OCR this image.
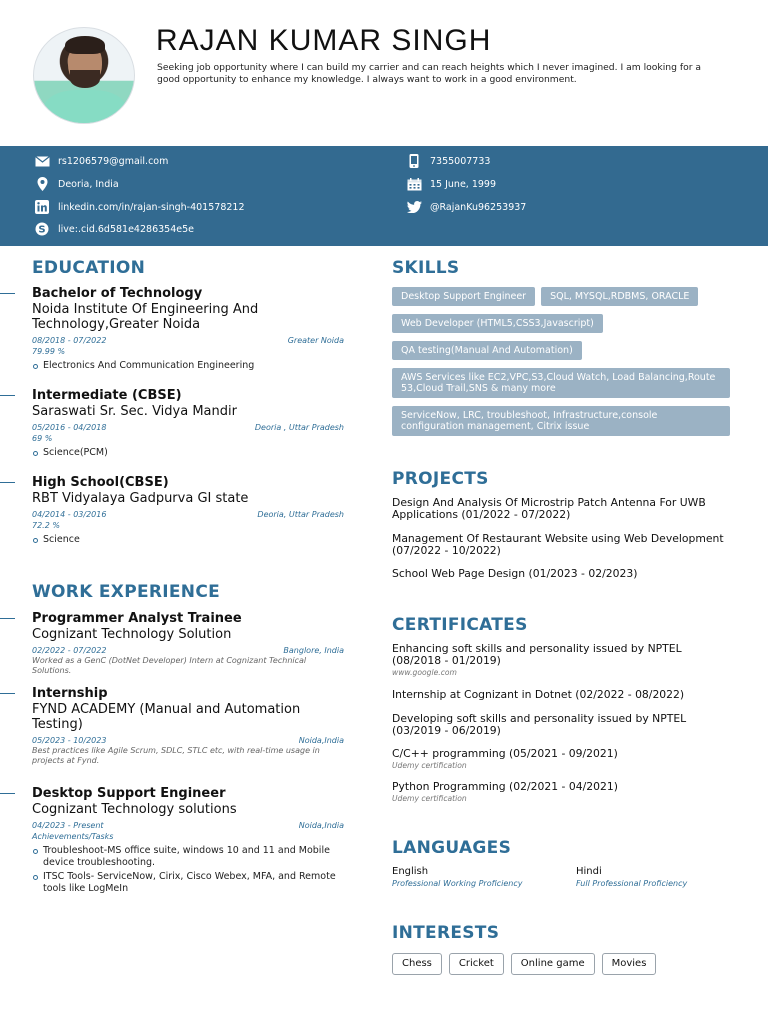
RAJAN KUMAR SINGH
Seeking job opportunity where I can build my carrier and can reach heights which I never imagined. I am looking for a good opportunity to enhance my knowledge. I always want to work in a good environment.
rs1206579@gmail.com
Deoria, India
linkedin.com/in/rajan-singh-401578212
S live:.cid.6d581e4286354e5e
7355007733
15 June, 1999
@RajanKu96253937
EDUCATION
Bachelor of Technology
Noida Institute Of Engineering And Technology,Greater Noida
08/2018 - 07/2022	Greater Noida
79.99 %
Electronics And Communication Engineering
Intermediate (CBSE)
Saraswati Sr. Sec. Vidya Mandir
05/2016 - 04/2018	Deoria , Uttar Pradesh
69 %
Science(PCM)
High School(CBSE)
RBT Vidyalaya Gadpurva GI state
04/2014 - 03/2016	Deoria, Uttar Pradesh
72.2 %
Science
WORK EXPERIENCE
Programmer Analyst Trainee
Cognizant Technology Solution
02/2022 - 07/2022	Banglore, India
Worked as a GenC (DotNet Developer) Intern at Cognizant Technical Solutions.
Internship
FYND ACADEMY (Manual and Automation Testing)
05/2023 - 10/2023	Noida,India
Best practices like Agile Scrum, SDLC, STLC etc, with real-time usage in projects at Fynd.
Desktop Support Engineer
Cognizant Technology solutions
04/2023 - Present	Noida,India
Achievements/Tasks
Troubleshoot-MS office suite, windows 10 and 11 and Mobile device troubleshooting.
ITSC Tools- ServiceNow, Cirix, Cisco Webex, MFA, and Remote tools like LogMeIn
SKILLS
Desktop Support Engineer	SQL, MYSQL,RDBMS, ORACLE
Web Developer (HTML5,CSS3,Javascript)
QA testing(Manual And Automation)
AWS Services like EC2,VPC,S3,Cloud Watch, Load Balancing,Route 53,Cloud Trail,SNS & many more
ServiceNow, LRC, troubleshoot, Infrastructure,console configuration management, Citrix issue
PROJECTS
Design And Analysis Of Microstrip Patch Antenna For UWB Applications (01/2022 - 07/2022)
Management Of Restaurant Website using Web Development (07/2022 - 10/2022)
School Web Page Design (01/2023 - 02/2023)
CERTIFICATES
Enhancing soft skills and personality issued by NPTEL (08/2018 - 01/2019)
www.google.com
Internship at Cognizant in Dotnet (02/2022 - 08/2022)
Developing soft skills and personality issued by NPTEL (03/2019 - 06/2019)
C/C++ programming (05/2021 - 09/2021)
Udemy certification
Python Programming (02/2021 - 04/2021)
Udemy certification
LANGUAGES
English
Professional Working Proficiency
Hindi
Full Professional Proficiency
INTERESTS
Chess	Cricket	Online game	Movies
